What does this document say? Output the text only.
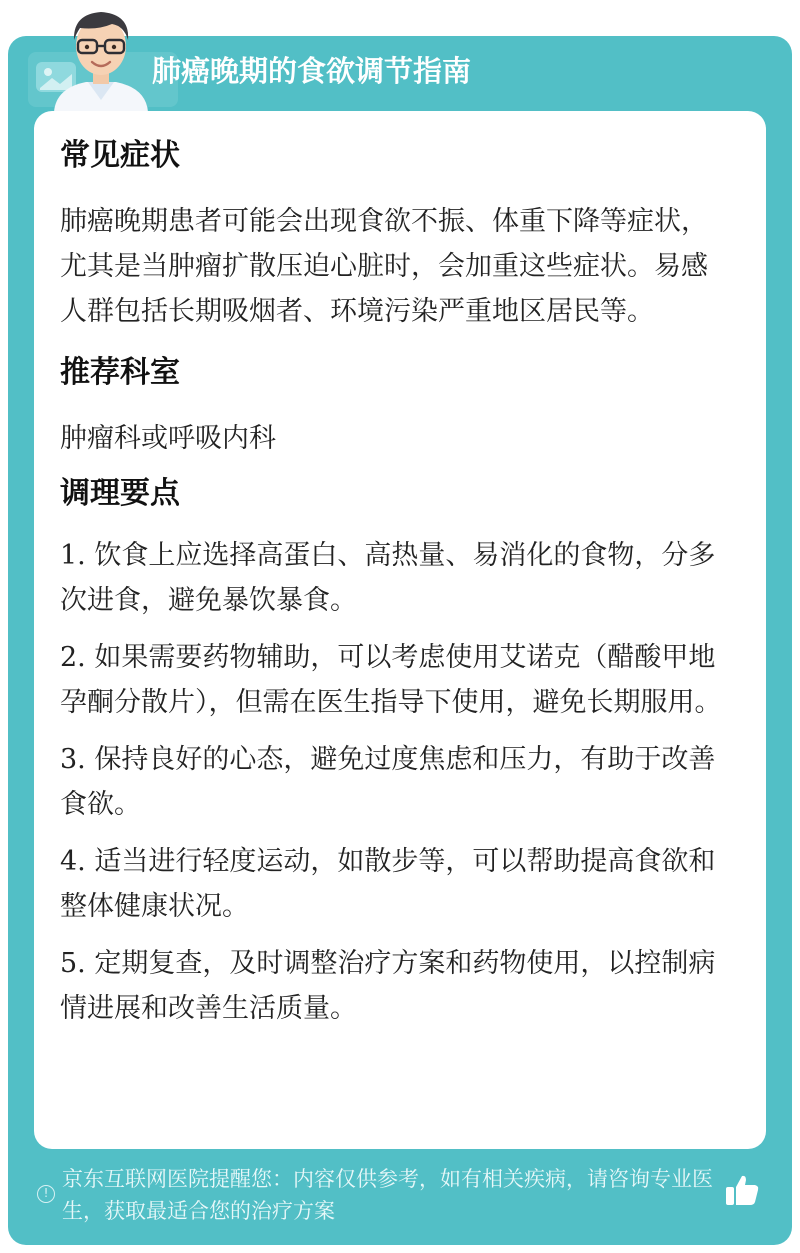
肺癌晚期的食欲调节指南
常见症状
肺癌晚期患者可能会出现食欲不振、体重下降等症状，尤其是当肿瘤扩散压迫心脏时，会加重这些症状。易感人群包括长期吸烟者、环境污染严重地区居民等。
推荐科室
肿瘤科或呼吸内科
调理要点
1. 饮食上应选择高蛋白、高热量、易消化的食物，分多次进食，避免暴饮暴食。
2. 如果需要药物辅助，可以考虑使用艾诺克（醋酸甲地孕酮分散片），但需在医生指导下使用，避免长期服用。
3. 保持良好的心态，避免过度焦虑和压力，有助于改善食欲。
4. 适当进行轻度运动，如散步等，可以帮助提高食欲和整体健康状况。
5. 定期复查，及时调整治疗方案和药物使用，以控制病情进展和改善生活质量。
!
京东互联网医院提醒您：内容仅供参考，如有相关疾病，请咨询专业医生，获取最适合您的治疗方案
